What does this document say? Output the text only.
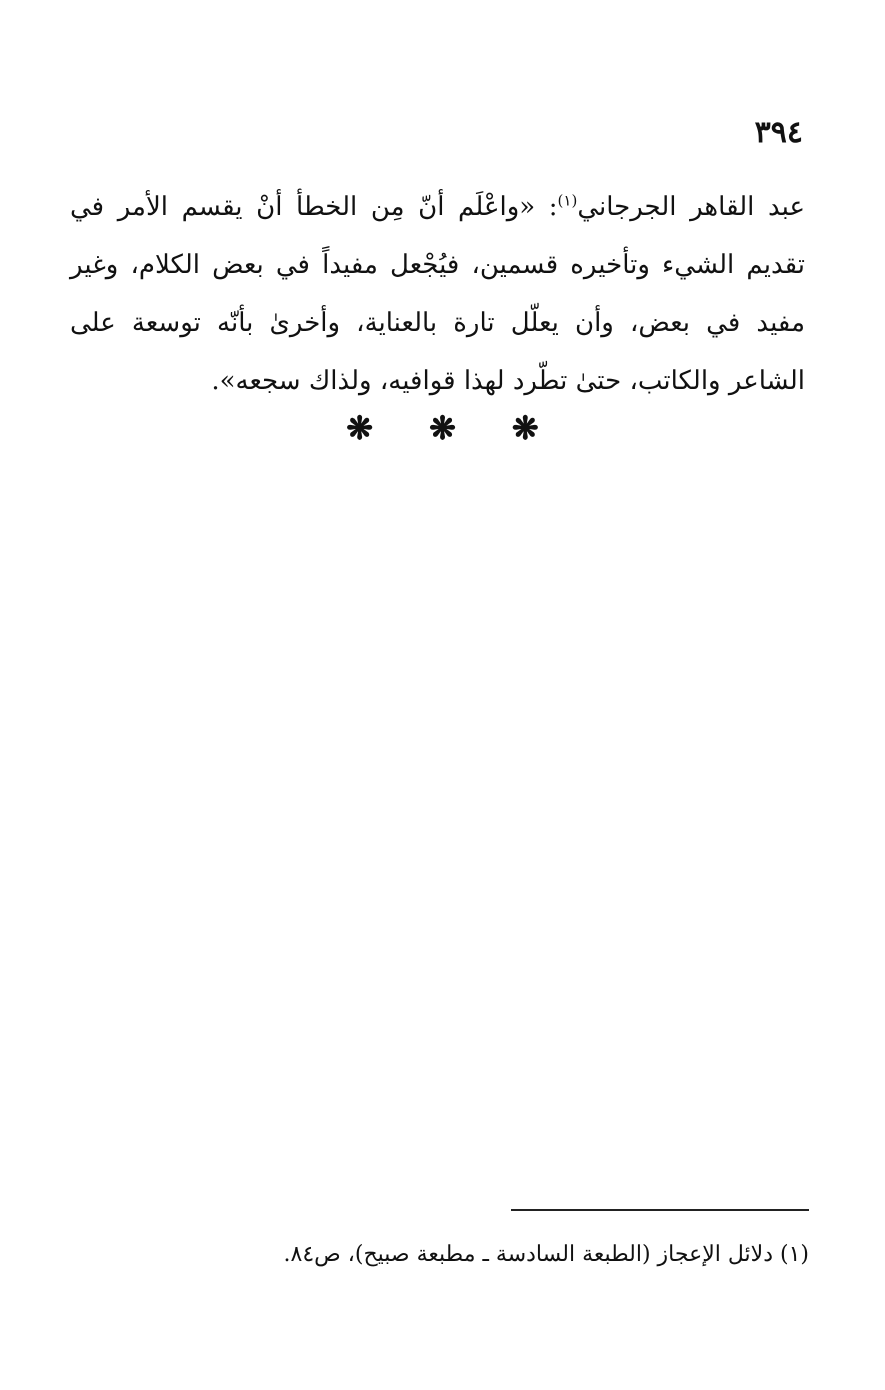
٣٩٤

عبد القاهر الجرجاني$^{(١)}$: «واعْلَم أنّ مِن الخطأ أنْ يقسم الأمر في تقديم الشيء وتأخيره قسمين، فيُجْعل مفيداً في بعض الكلام، وغير مفيد في بعض، وأن يعلّل تارة بالعناية، وأخرىٰ بأنّه توسعة على الشاعر والكاتب، حتىٰ تطّرد لهذا قوافيه، ولذاك سجعه».

❋
❋
❋

(١) دلائل الإعجاز (الطبعة السادسة ـ مطبعة صبيح)، ص٨٤.
